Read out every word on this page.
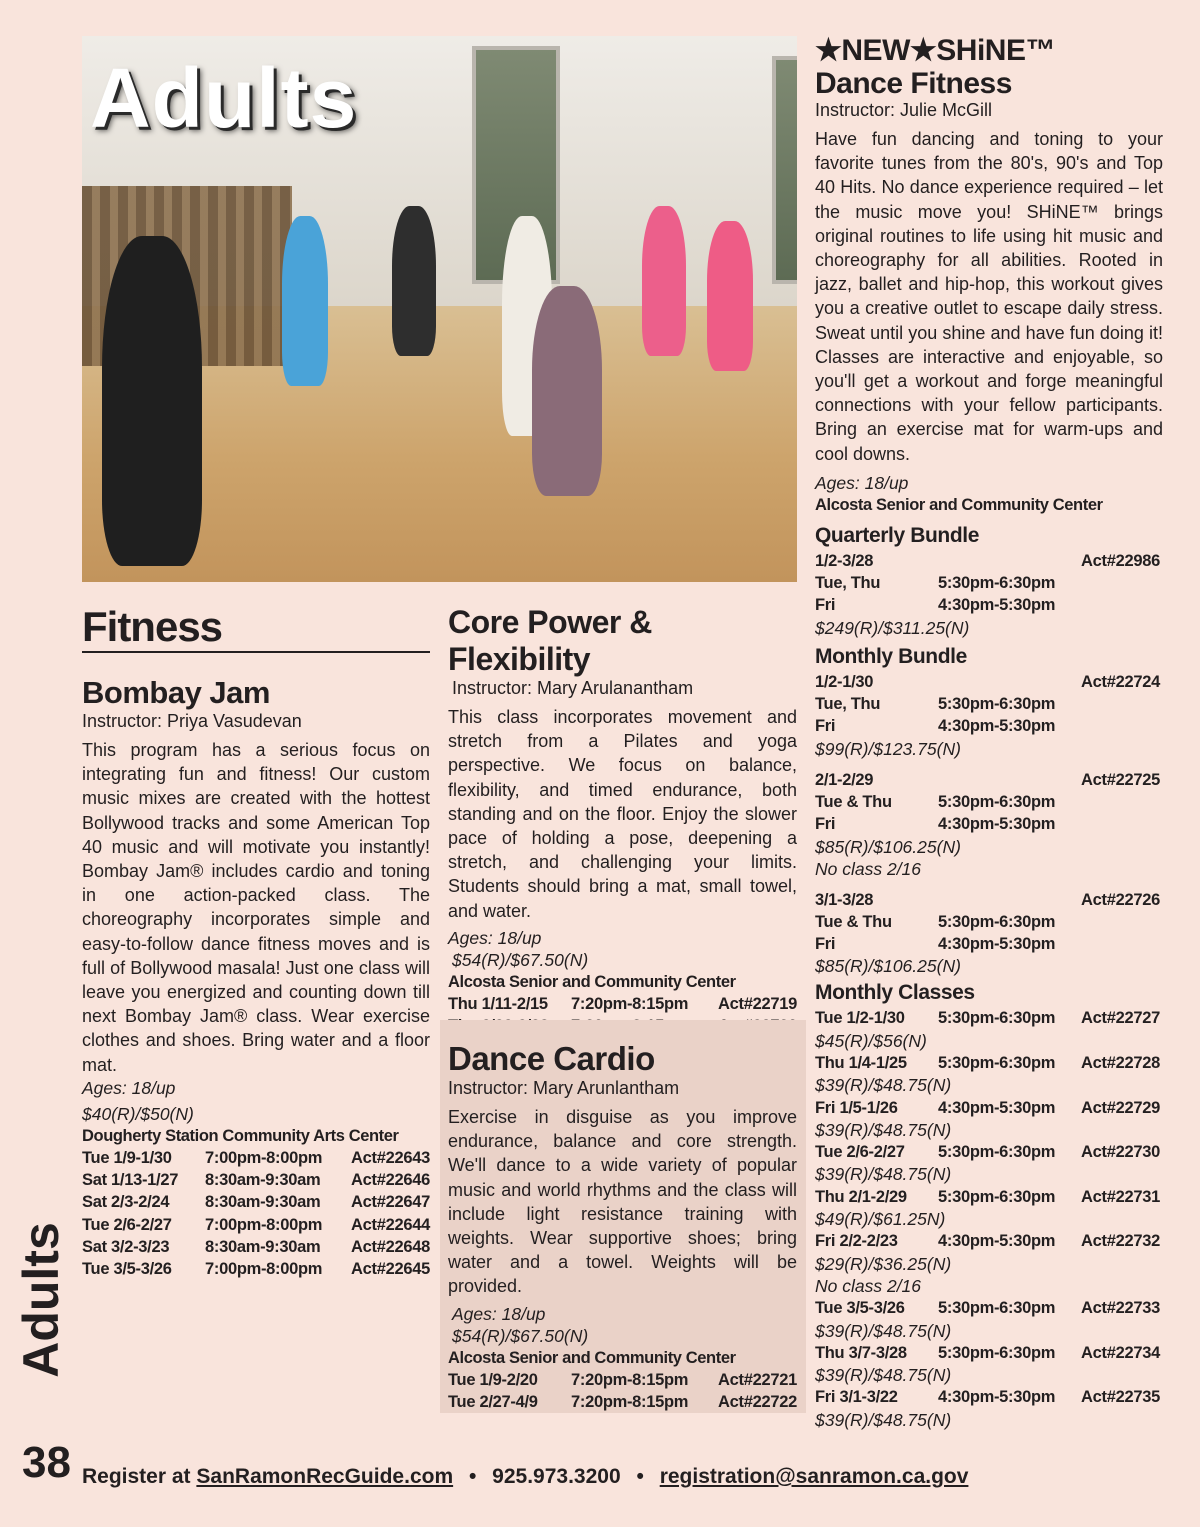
Adults
Adults
38
Fitness
Bombay Jam
Instructor: Priya Vasudevan
This program has a serious focus on integrating fun and fitness! Our custom music mixes are created with the hottest Bollywood tracks and some American Top 40 music and will motivate you instantly! Bombay Jam® includes cardio and toning in one action-packed class. The choreography incorporates simple and easy-to-follow dance fitness moves and is full of Bollywood masala! Just one class will leave you energized and counting down till next Bombay Jam® class. Wear exercise clothes and shoes. Bring water and a floor mat.
Ages: 18/up
$40(R)/$50(N)
Dougherty Station Community Arts Center
Tue 1/9-1/30 7:00pm-8:00pm Act#22643
Sat 1/13-1/27 8:30am-9:30am Act#22646
Sat 2/3-2/24 8:30am-9:30am Act#22647
Tue 2/6-2/27 7:00pm-8:00pm Act#22644
Sat 3/2-3/23 8:30am-9:30am Act#22648
Tue 3/5-3/26 7:00pm-8:00pm Act#22645
Core Power & Flexibility
Instructor: Mary Arulanantham
This class incorporates movement and stretch from a Pilates and yoga perspective. We focus on balance, flexibility, and timed endurance, both standing and on the floor. Enjoy the slower pace of holding a pose, deepening a stretch, and challenging your limits. Students should bring a mat, small towel, and water.
Ages: 18/up
$54(R)/$67.50(N)
Alcosta Senior and Community Center
Thu 1/11-2/15 7:20pm-8:15pm Act#22719
Dance Cardio
Instructor: Mary Arunlantham
Exercise in disguise as you improve endurance, balance and core strength. We'll dance to a wide variety of popular music and world rhythms and the class will include light resistance training with weights. Wear supportive shoes; bring water and a towel. Weights will be provided.
Ages: 18/up
$54(R)/$67.50(N)
Alcosta Senior and Community Center
Tue 1/9-2/20 7:20pm-8:15pm Act#22721
Tue 2/27-4/9 7:20pm-8:15pm Act#22722
★NEW★SHiNE™
Dance Fitness
Instructor: Julie McGill
Have fun dancing and toning to your favorite tunes from the 80's, 90's and Top 40 Hits. No dance experience required – let the music move you! SHiNE™ brings original routines to life using hit music and choreography for all abilities. Rooted in jazz, ballet and hip-hop, this workout gives you a creative outlet to escape daily stress. Sweat until you shine and have fun doing it! Classes are interactive and enjoyable, so you'll get a workout and forge meaningful connections with your fellow participants. Bring an exercise mat for warm-ups and cool downs.
Ages: 18/up
Alcosta Senior and Community Center
Quarterly Bundle
1/2-3/28	Act#22986
Tue, Thu	5:30pm-6:30pm
Fri	4:30pm-5:30pm
$249(R)/$311.25(N)
Monthly Bundle
1/2-1/30	Act#22724
Tue, Thu	5:30pm-6:30pm
Fri	4:30pm-5:30pm
$99(R)/$123.75(N)
2/1-2/29	Act#22725
Tue & Thu	5:30pm-6:30pm
Fri	4:30pm-5:30pm
$85(R)/$106.25(N)
No class 2/16
3/1-3/28	Act#22726
Tue & Thu	5:30pm-6:30pm
Fri	4:30pm-5:30pm
$85(R)/$106.25(N)
Monthly Classes
Tue 1/2-1/30 5:30pm-6:30pm Act#22727
$45(R)/$56(N)
Thu 1/4-1/25 5:30pm-6:30pm Act#22728
$39(R)/$48.75(N)
Fri 1/5-1/26 4:30pm-5:30pm Act#22729
$39(R)/$48.75(N)
Tue 2/6-2/27 5:30pm-6:30pm Act#22730
$39(R)/$48.75(N)
Thu 2/1-2/29 5:30pm-6:30pm Act#22731
$49(R)/$61.25N)
Fri 2/2-2/23 4:30pm-5:30pm Act#22732
$29(R)/$36.25(N)
No class 2/16
Tue 3/5-3/26 5:30pm-6:30pm Act#22733
$39(R)/$48.75(N)
Thu 3/7-3/28 5:30pm-6:30pm Act#22734
$39(R)/$48.75(N)
Fri 3/1-3/22 4:30pm-5:30pm Act#22735
$39(R)/$48.75(N)
Register at SanRamonRecGuide.com • 925.973.3200 • registration@sanramon.ca.gov
